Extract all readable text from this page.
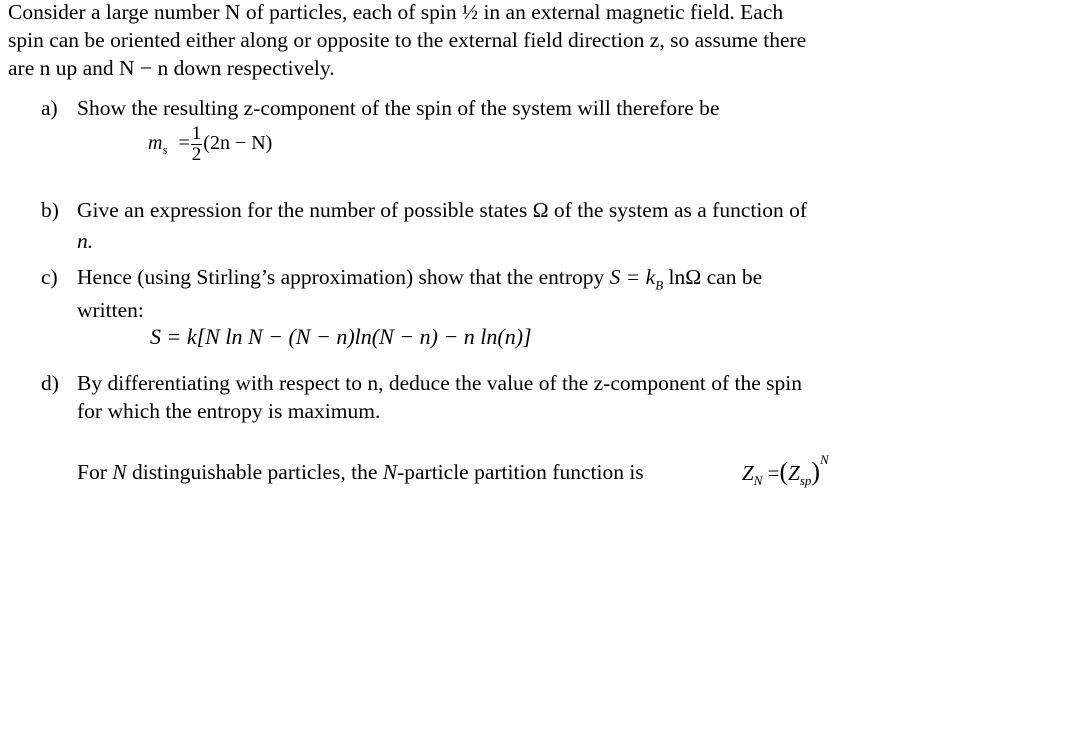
Consider a large number N of particles, each of spin ½ in an external magnetic field. Each
spin can be oriented either along or opposite to the external field direction z, so assume there
are n up and N − n down respectively.
a) Show the resulting z-component of the spin of the system will therefore be
$m_s = \frac{1}{2} (2n - N)$
b) Give an expression for the number of possible states Ω of the system as a function of
n.
c) Hence (using Stirling’s approximation) show that the entropy $S = k_B$ lnΩ can be
written:
S = k[N ln N − (N − n)ln(N − n) − n ln(n)]
d) By differentiating with respect to n, deduce the value of the z-component of the spin
for which the entropy is maximum.
For N distinguishable particles, the N-particle partition function is	$Z_N =(Z_{sp})^N$
